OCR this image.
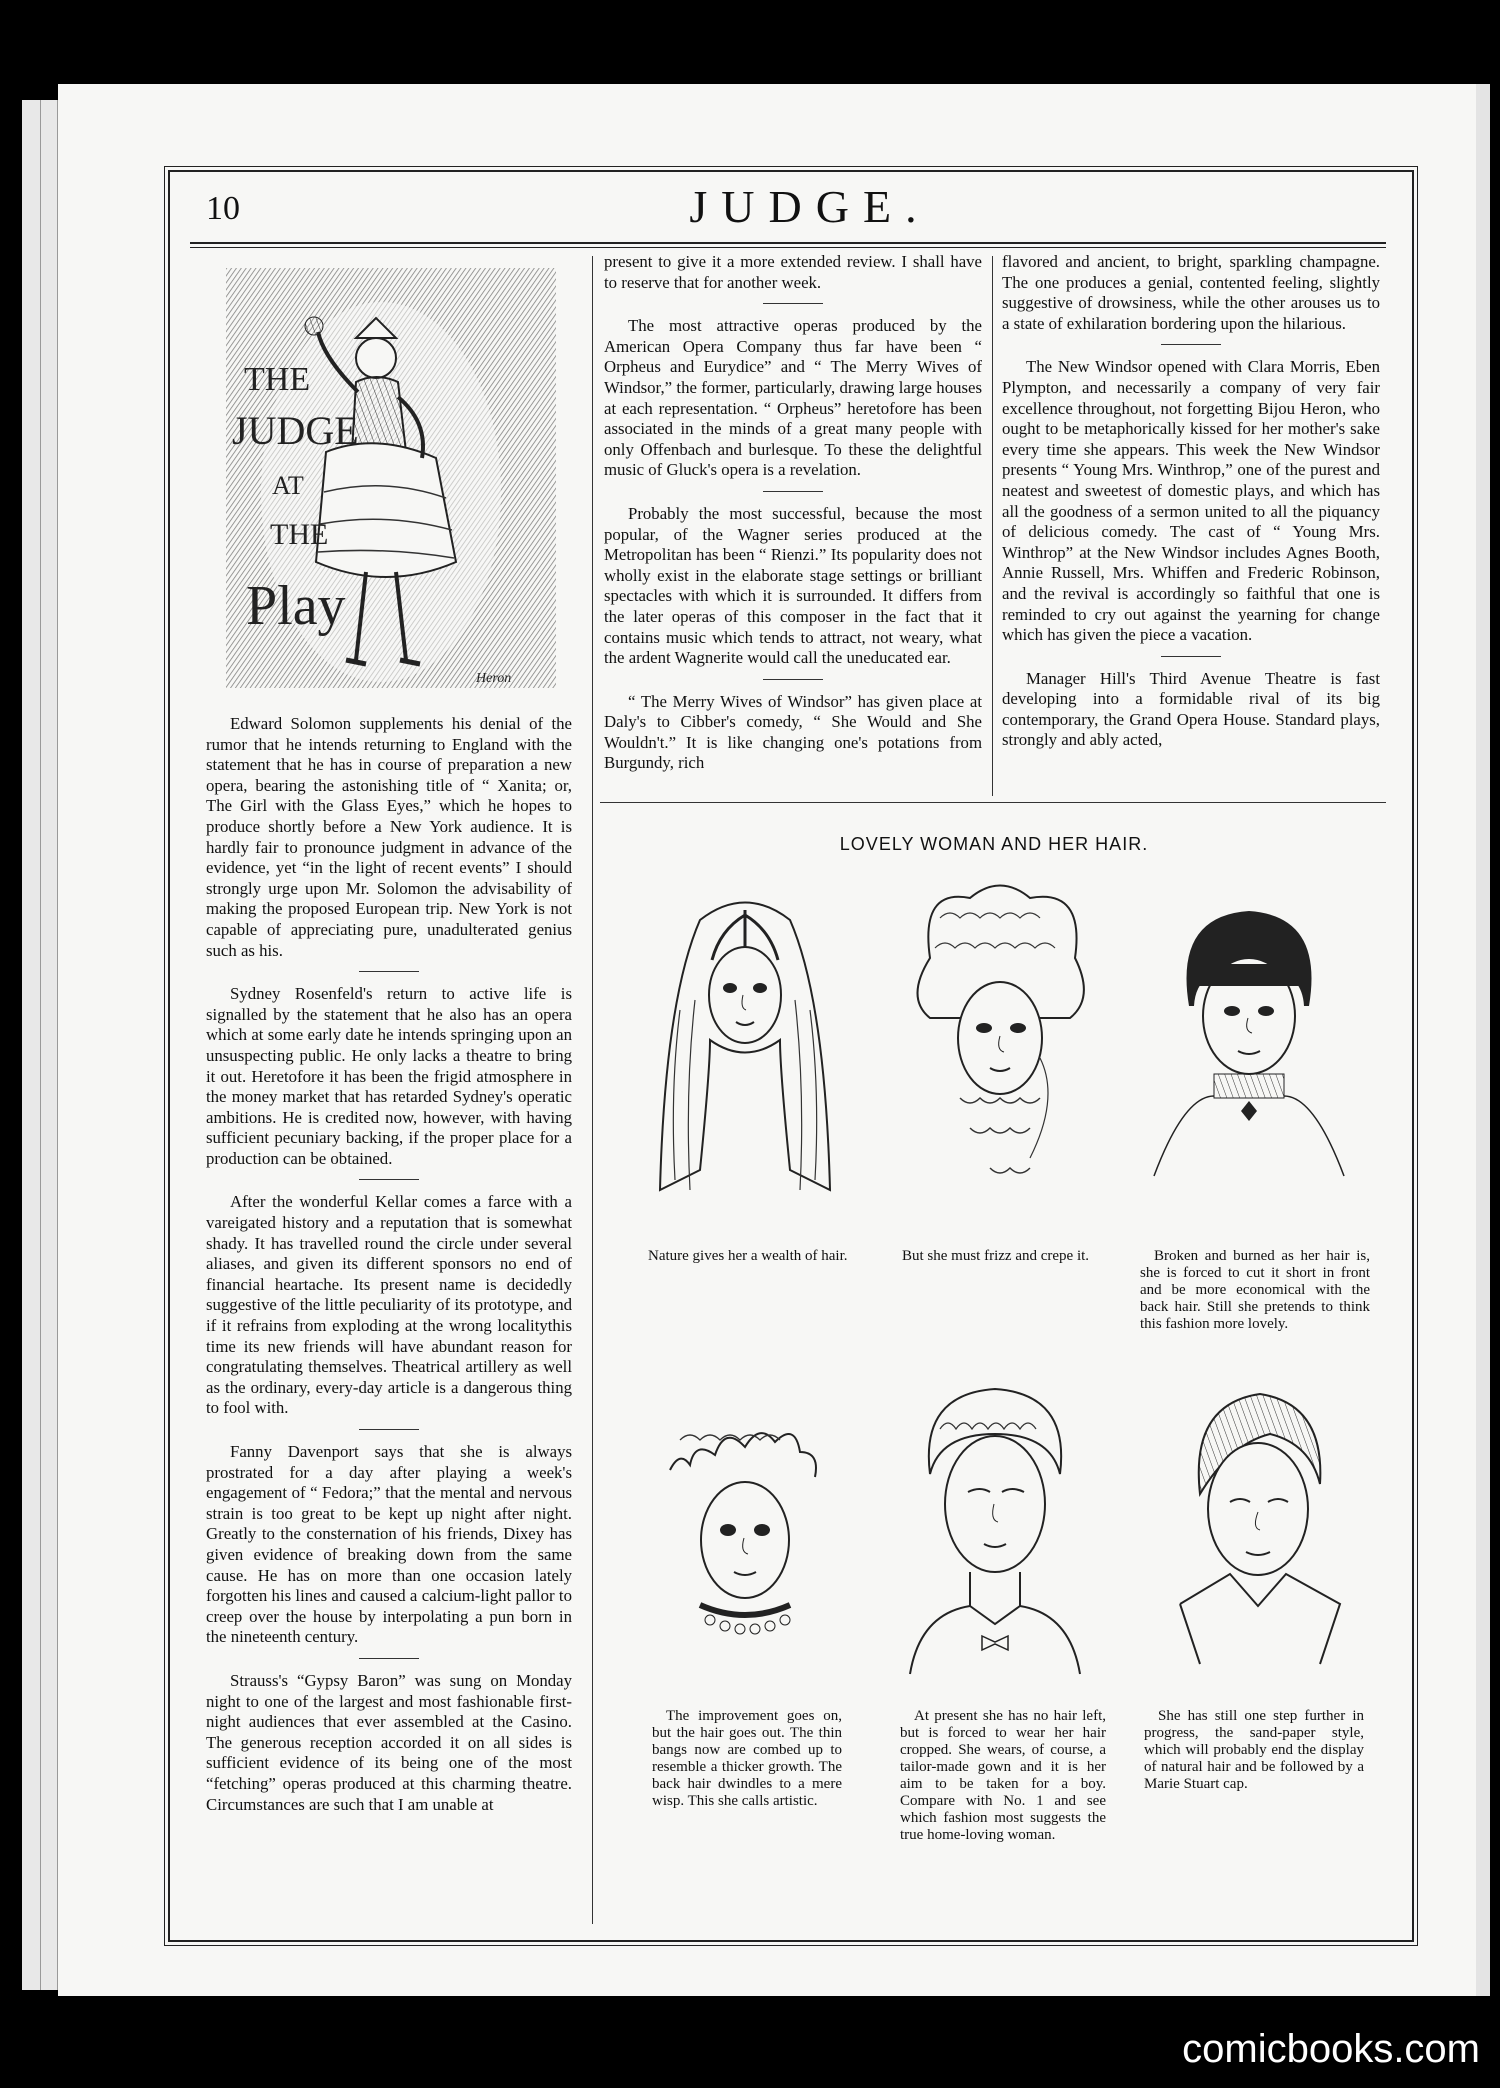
10	JUDGE.
THE
JUDGE
AT
THE
Play
Heron

Edward Solomon supplements his denial of the rumor that he intends returning to England with the statement that he has in course of preparation a new opera, bearing the astonishing title of “ Xanita; or, The Girl with the Glass Eyes,” which he hopes to produce shortly before a New York audience. It is hardly fair to pronounce judgment in advance of the evidence, yet “in the light of recent events” I should strongly urge upon Mr. Solomon the advisability of making the proposed European trip. New York is not capable of appreciating pure, unadulterated genius such as his.

Sydney Rosenfeld's return to active life is signalled by the statement that he also has an opera which at some early date he intends springing upon an unsuspecting public. He only lacks a theatre to bring it out. Heretofore it has been the frigid atmosphere in the money market that has retarded Sydney's operatic ambitions. He is credited now, however, with having sufficient pecuniary backing, if the proper place for a production can be obtained.

After the wonderful Kellar comes a farce with a vareigated history and a reputation that is somewhat shady. It has travelled round the circle under several aliases, and given its different sponsors no end of financial heartache. Its present name is decidedly suggestive of the little peculiarity of its prototype, and if it refrains from exploding at the wrong localitythis time its new friends will have abundant reason for congratulating themselves. Theatrical artillery as well as the ordinary, every-day article is a dangerous thing to fool with.

Fanny Davenport says that she is always prostrated for a day after playing a week's engagement of “ Fedora;” that the mental and nervous strain is too great to be kept up night after night. Greatly to the consternation of his friends, Dixey has given evidence of breaking down from the same cause. He has on more than one occasion lately forgotten his lines and caused a calcium-light pallor to creep over the house by interpolating a pun born in the nineteenth century.

Strauss's “Gypsy Baron” was sung on Monday night to one of the largest and most fashionable first-night audiences that ever assembled at the Casino. The generous reception accorded it on all sides is sufficient evidence of its being one of the most “fetching” operas produced at this charming theatre. Circumstances are such that I am unable at

present to give it a more extended review. I shall have to reserve that for another week.

The most attractive operas produced by the American Opera Company thus far have been “ Orpheus and Eurydice” and “ The Merry Wives of Windsor,” the former, particularly, drawing large houses at each representation. “ Orpheus” heretofore has been associated in the minds of a great many people with only Offenbach and burlesque. To these the delightful music of Gluck's opera is a revelation.

Probably the most successful, because the most popular, of the Wagner series produced at the Metropolitan has been “ Rienzi.” Its popularity does not wholly exist in the elaborate stage settings or brilliant spectacles with which it is surrounded. It differs from the later operas of this composer in the fact that it contains music which tends to attract, not weary, what the ardent Wagnerite would call the uneducated ear.

“ The Merry Wives of Windsor” has given place at Daly's to Cibber's comedy, “ She Would and She Wouldn't.” It is like changing one's potations from Burgundy, rich

flavored and ancient, to bright, sparkling champagne. The one produces a genial, contented feeling, slightly suggestive of drowsiness, while the other arouses us to a state of exhilaration bordering upon the hilarious.

The New Windsor opened with Clara Morris, Eben Plympton, and necessarily a company of very fair excellence throughout, not forgetting Bijou Heron, who ought to be metaphorically kissed for her mother's sake every time she appears. This week the New Windsor presents “ Young Mrs. Winthrop,” one of the purest and neatest and sweetest of domestic plays, and which has all the goodness of a sermon united to all the piquancy of delicious comedy. The cast of “ Young Mrs. Winthrop” at the New Windsor includes Agnes Booth, Annie Russell, Mrs. Whiffen and Frederic Robinson, and the revival is accordingly so faithful that one is reminded to cry out against the yearning for change which has given the piece a vacation.

Manager Hill's Third Avenue Theatre is fast developing into a formidable rival of its big contemporary, the Grand Opera House. Standard plays, strongly and ably acted,

LOVELY WOMAN AND HER HAIR.

Nature gives her a wealth of hair.	But she must frizz and crepe it.	Broken and burned as her hair is, she is forced to cut it short in front and be more economical with the back hair. Still she pretends to think this fashion more lovely.

The improvement goes on, but the hair goes out. The thin bangs now are combed up to resemble a thicker growth. The back hair dwindles to a mere wisp. This she calls artistic.

At present she has no hair left, but is forced to wear her hair cropped. She wears, of course, a tailor-made gown and it is her aim to be taken for a boy. Compare with No. 1 and see which fashion most suggests the true home-loving woman.

She has still one step further in progress, the sand-paper style, which will probably end the display of natural hair and be followed by a Marie Stuart cap.

comicbooks.com
